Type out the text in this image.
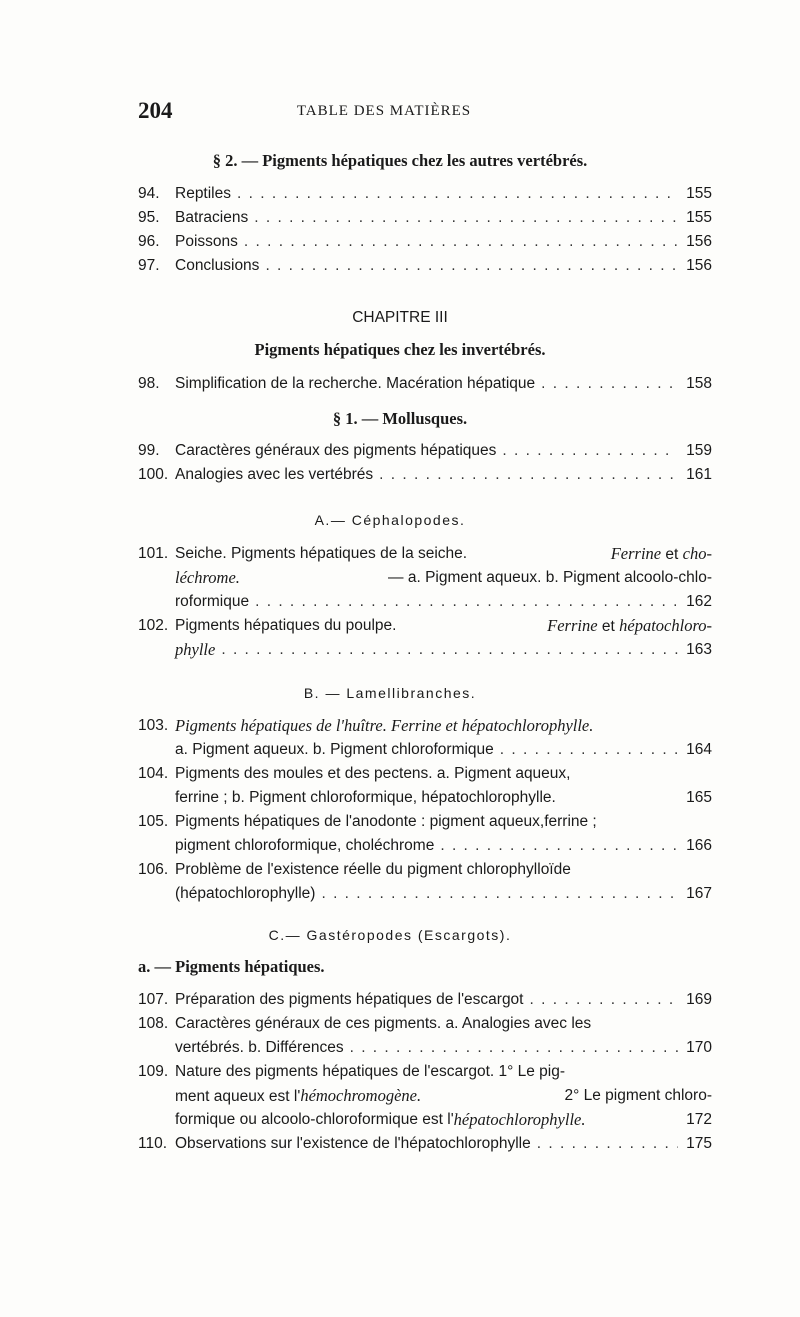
204	TABLE DES MATIÈRES
§ 2. — Pigments hépatiques chez les autres vertébrés.
94. Reptiles . . .	155
95. Batraciens . . .	155
96. Poissons . . .	156
97. Conclusions . . .	156
CHAPITRE III
Pigments hépatiques chez les invertébrés.
98. Simplification de la recherche. Macération hépatique . . .	158
§ 1. — Mollusques.
99. Caractères généraux des pigments hépatiques . . .	159
100. Analogies avec les vertébrés . . .	161
A.— Céphalopodes.
101. Seiche. Pigments hépatiques de la seiche.	Ferrine et cho-
léchrome.	— a. Pigment aqueux. b. Pigment alcoolo-chlo-
roformique . . .	162
102. Pigments hépatiques du poulpe.	Ferrine et hépatochloro-
phylle . . .	163
B. — Lamellibranches.
103. Pigments hépatiques de l'huître. Ferrine et hépatochlorophylle.
a. Pigment aqueux. b. Pigment chloroformique . . .	164
104. Pigments des moules et des pectens. a. Pigment aqueux,
ferrine ; b. Pigment chloroformique, hépatochlorophylle.	165
105. Pigments hépatiques de l'anodonte : pigment aqueux,ferrine ;
pigment chloroformique, choléchrome . . .	166
106. Problème de l'existence réelle du pigment chlorophylloïde
(hépatochlorophylle) . . .	167
C.— Gastéropodes (Escargots).
a. — Pigments hépatiques.
107. Préparation des pigments hépatiques de l'escargot . . .	169
108. Caractères généraux de ces pigments. a. Analogies avec les
vertébrés. b. Différences . . .	170
109. Nature des pigments hépatiques de l'escargot. 1° Le pig-
ment aqueux est l'hémochromogène.	2° Le pigment chloro-
formique ou alcoolo-chloroformique est l' hépatochlorophylle.	172
110. Observations sur l'existence de l'hépatochlorophylle . . .	175
